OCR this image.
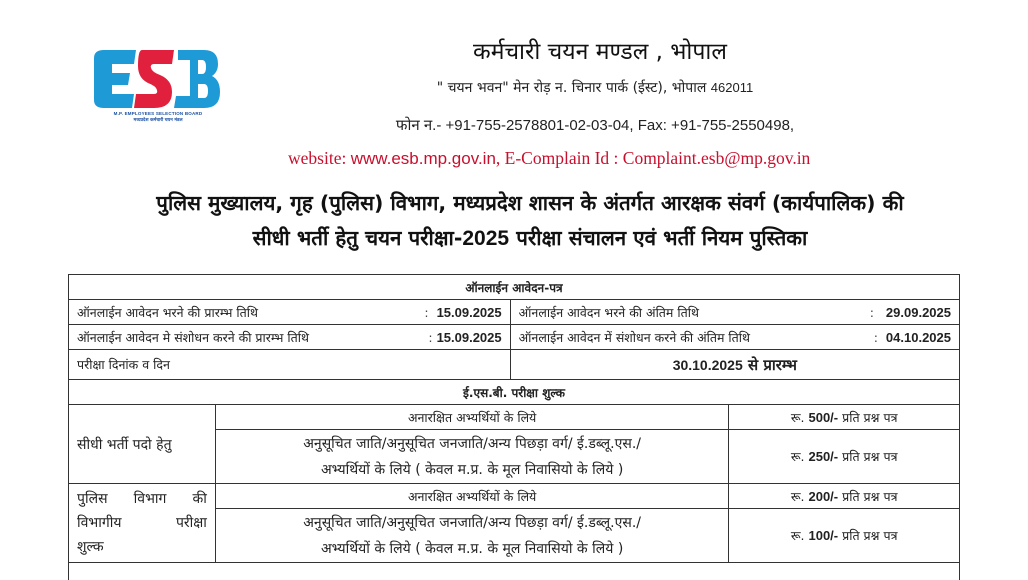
M.P. EMPLOYEES SELECTION BOARD
मध्यप्रदेश कर्मचारी चयन मंडल
कर्मचारी चयन मण्डल , भोपाल
" चयन भवन" मेन रोड़ न. चिनार पार्क (ईस्ट), भोपाल 462011
फोन न.- +91-755-2578801-02-03-04, Fax: +91-755-2550498,
website: www.esb.mp.gov.in, E-Complain Id : Complaint.esb@mp.gov.in
पुलिस मुख्यालय, गृह (पुलिस) विभाग, मध्यप्रदेश शासन के अंतर्गत आरक्षक संवर्ग (कार्यपालिक) की
सीधी भर्ती हेतु चयन परीक्षा-2025 परीक्षा संचालन एवं भर्ती नियम पुस्तिका
ऑनलाईन आवेदन-पत्र			

ऑनलाईन आवेदन भरने की प्रारम्भ तिथि : 15.09.2025		ऑनलाईन आवेदन भरने की अंतिम तिथि : 29.09.2025	

ऑनलाईन आवेदन मे संशोधन करने की प्रारम्भ तिथि : 15.09.2025		ऑनलाईन आवेदन में संशोधन करने की अंतिम तिथि : 04.10.2025	

परीक्षा दिनांक व दिन		30.10.2025 से प्रारम्भ	
ई.एस.बी. परीक्षा शुल्क			
सीधी भर्ती पदो हेतु	अनारक्षित अभ्यर्थियों के लिये		रू. 500/- प्रति प्रश्न पत्र

	अनुसूचित जाति/अनुसूचित जनजाति/अन्य पिछड़ा वर्ग/ ई.डब्लू.एस./
अभ्यर्थियों के लिये ( केवल म.प्र. के मूल निवासियो के लिये )		रू. 250/- प्रति प्रश्न पत्र

पुलिस विभाग की
विभागीय	परीक्षा
शुल्क
	अनारक्षित अभ्यर्थियों के लिये	रू. 200/- प्रति प्रश्न पत्र

	अनुसूचित जाति/अनुसूचित जनजाति/अन्य पिछड़ा वर्ग/ ई.डब्लू.एस./
अभ्यर्थियों के लिये ( केवल म.प्र. के मूल निवासियो के लिये )		रू. 100/- प्रति प्रश्न पत्र
